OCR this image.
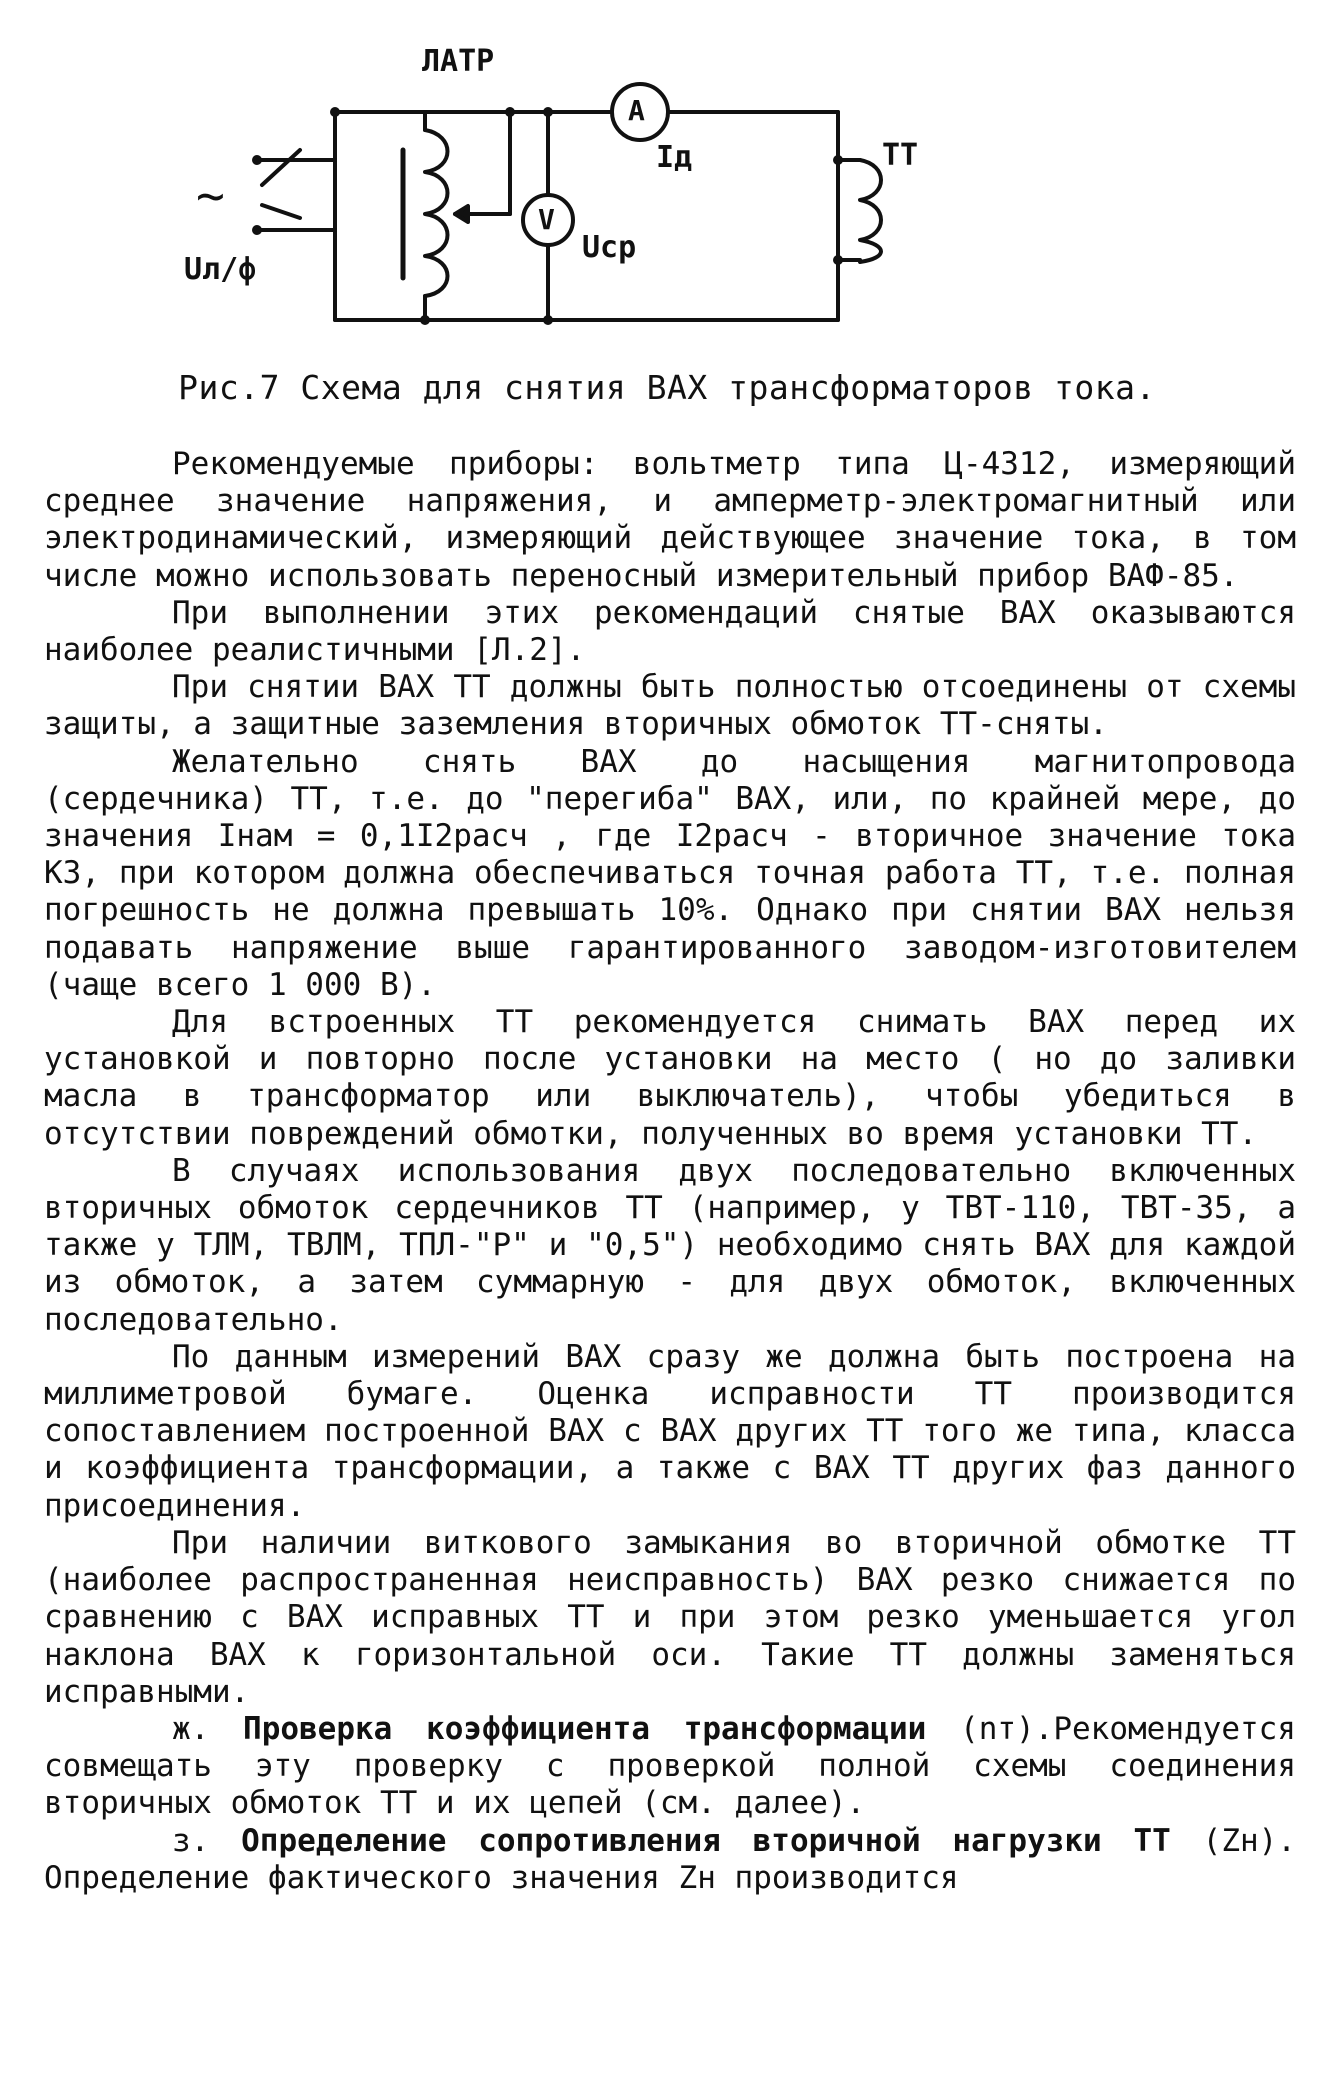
ЛАТР
A
V
Iд
Uср
ТТ
~
Uл/ф
Рис.7 Схема для снятия ВАХ трансформаторов тока.

Рекомендуемые приборы: вольтметр типа Ц-4312, измеряющий среднее значение напряжения, и амперметр-электромагнитный или электродинамический, измеряющий действующее значение тока, в том числе можно использовать переносный измерительный прибор ВАФ-85.

При выполнении этих рекомендаций снятые ВАХ оказываются наиболее реалистичными [Л.2].

При снятии ВАХ ТТ должны быть полностью отсоединены от схемы защиты, а защитные заземления вторичных обмоток ТТ-сняты.

Желательно снять ВАХ до насыщения магнитопровода (сердечника) ТТ, т.е. до "перегиба" ВАХ, или, по крайней мере, до значения Iнам = 0,1I2расч , где I2расч - вторичное значение тока КЗ, при котором должна обеспечиваться точная работа ТТ, т.е. полная погрешность не должна превышать 10%. Однако при снятии ВАХ нельзя подавать напряжение выше гарантированного заводом-изготовителем (чаще всего 1 000 В).

Для встроенных ТТ рекомендуется снимать ВАХ перед их установкой и повторно после установки на место ( но до заливки масла в трансформатор или выключатель), чтобы убедиться в отсутствии повреждений обмотки, полученных во время установки ТТ.

В случаях использования двух последовательно включенных вторичных обмоток сердечников ТТ (например, у ТВТ-110, ТВТ-35, а также у ТЛМ, ТВЛМ, ТПЛ-"Р" и "0,5") необходимо снять ВАХ для каждой из обмоток, а затем суммарную - для двух обмоток, включенных последовательно.

По данным измерений ВАХ сразу же должна быть построена на миллиметровой бумаге. Оценка исправности ТТ производится сопоставлением построенной ВАХ с ВАХ других ТТ того же типа, класса и коэффициента трансформации, а также с ВАХ ТТ других фаз данного присоединения.

При наличии виткового замыкания во вторичной обмотке ТТ (наиболее распространенная неисправность) ВАХ резко снижается по сравнению с ВАХ исправных ТТ и при этом резко уменьшается угол наклона ВАХ к горизонтальной оси. Такие ТТ должны заменяться исправными.

ж. Проверка коэффициента трансформации (nт).Рекомендуется совмещать эту проверку с проверкой полной схемы соединения вторичных обмоток ТТ и их цепей (см. далее).

з. Определение сопротивления вторичной нагрузки ТТ (Zн). Определение фактического значения Zн производится
